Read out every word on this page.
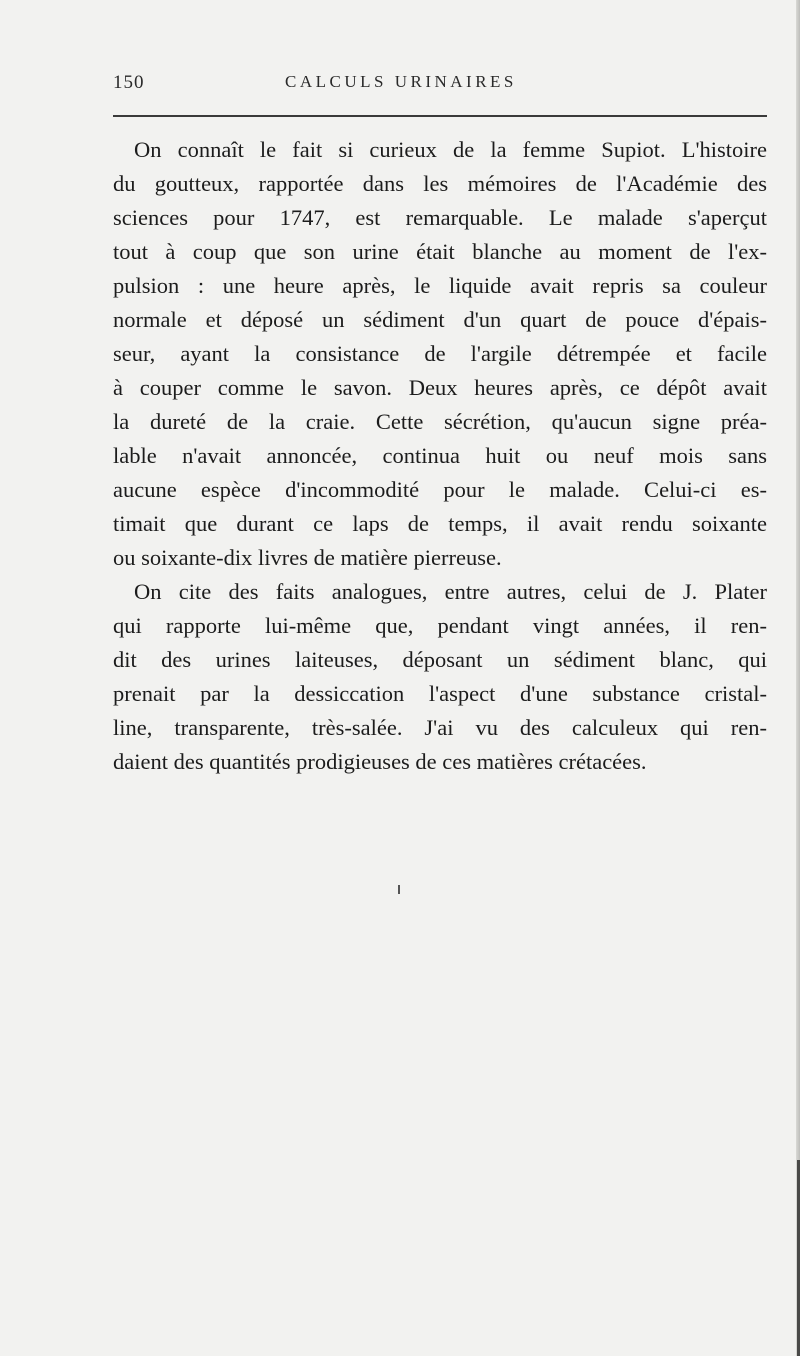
150	CALCULS URINAIRES
On connaît le fait si curieux de la femme Supiot. L'histoire
du goutteux, rapportée dans les mémoires de l'Académie des
sciences pour 1747, est remarquable. Le malade s'aperçut
tout à coup que son urine était blanche au moment de l'ex-
pulsion : une heure après, le liquide avait repris sa couleur
normale et déposé un sédiment d'un quart de pouce d'épais-
seur, ayant la consistance de l'argile détrempée et facile
à couper comme le savon. Deux heures après, ce dépôt avait
la dureté de la craie. Cette sécrétion, qu'aucun signe préa-
lable n'avait annoncée, continua huit ou neuf mois sans
aucune espèce d'incommodité pour le malade. Celui-ci es-
timait que durant ce laps de temps, il avait rendu soixante
ou soixante-dix livres de matière pierreuse.
On cite des faits analogues, entre autres, celui de J. Plater
qui rapporte lui-même que, pendant vingt années, il ren-
dit des urines laiteuses, déposant un sédiment blanc, qui
prenait par la dessiccation l'aspect d'une substance cristal-
line, transparente, très-salée. J'ai vu des calculeux qui ren-
daient des quantités prodigieuses de ces matières crétacées.
